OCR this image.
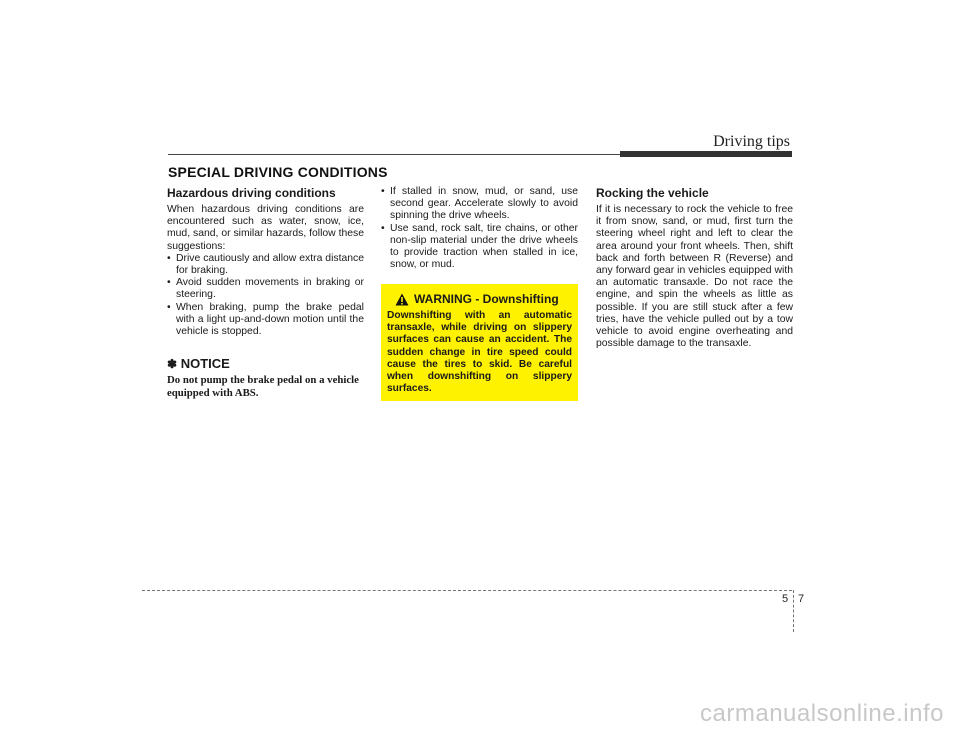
Driving tips
SPECIAL DRIVING CONDITIONS
Hazardous driving conditions

When hazardous driving conditions are encountered such as water, snow, ice, mud, sand, or similar hazards, follow these suggestions:

• Drive cautiously and allow extra distance for braking.
• Avoid sudden movements in braking or steering.
• When braking, pump the brake pedal with a light up-and-down motion until the vehicle is stopped.
✽ NOTICE

Do not pump the brake pedal on a vehicle equipped with ABS.

• If stalled in snow, mud, or sand, use second gear. Accelerate slowly to avoid spinning the drive wheels.
• Use sand, rock salt, tire chains, or other non-slip material under the drive wheels to provide traction when stalled in ice, snow, or mud.
WARNING - Downshifting

Downshifting with an automatic transaxle, while driving on slippery surfaces can cause an accident. The sudden change in tire speed could cause the tires to skid. Be careful when downshifting on slippery surfaces.

Rocking the vehicle

If it is necessary to rock the vehicle to free it from snow, sand, or mud, first turn the steering wheel right and left to clear the area around your front wheels. Then, shift back and forth between R (Reverse) and any forward gear in vehicles equipped with an automatic transaxle. Do not race the engine, and spin the wheels as little as possible. If you are still stuck after a few tries, have the vehicle pulled out by a tow vehicle to avoid engine overheating and possible damage to the transaxle.

5 7
carmanualsonline.info
